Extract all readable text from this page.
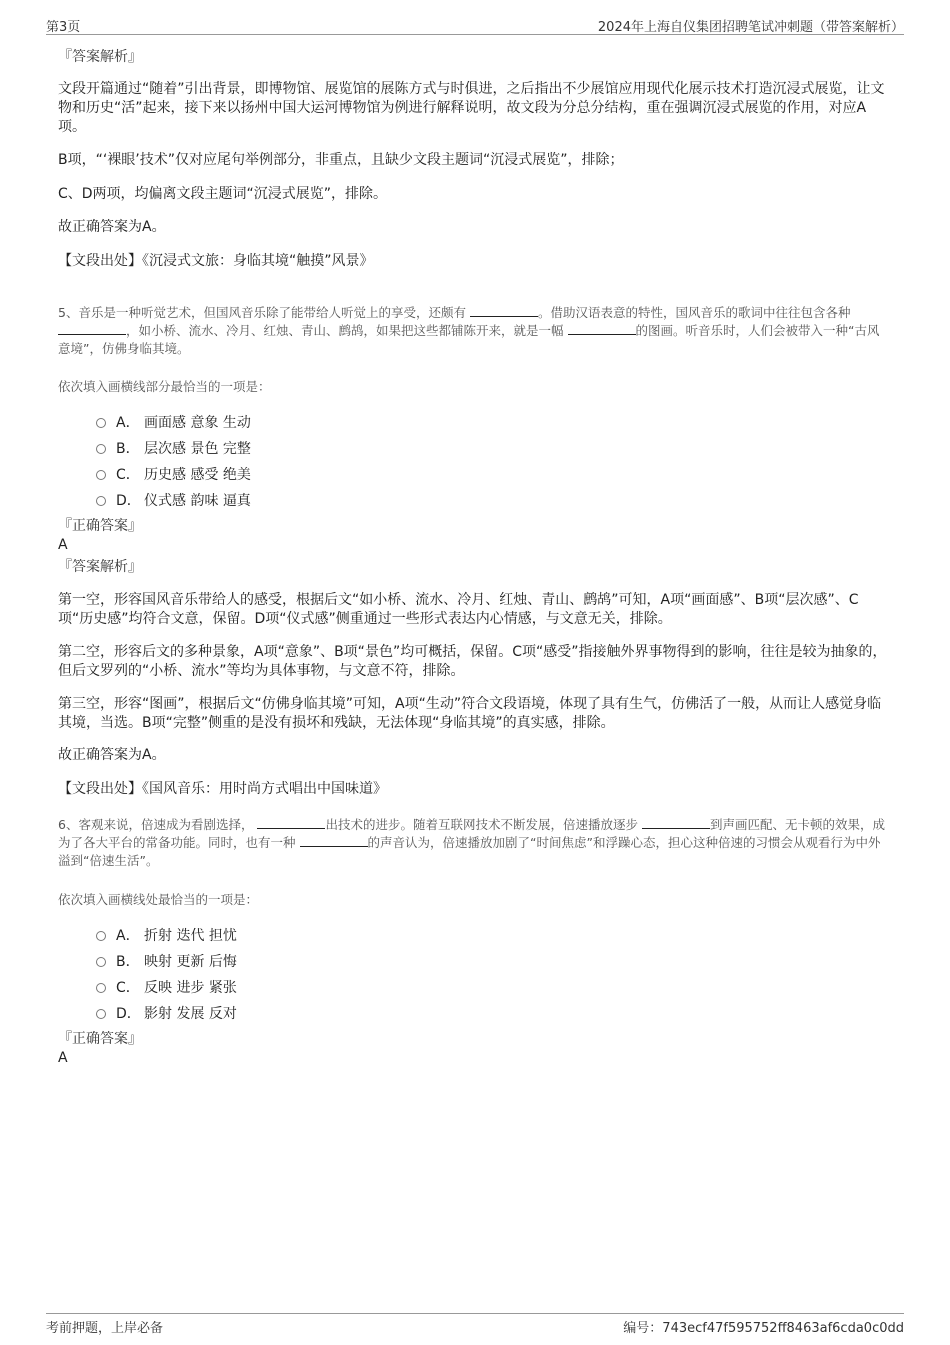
第3页	2024年上海自仪集团招聘笔试冲刺题（带答案解析）
『答案解析』
文段开篇通过“随着”引出背景，即博物馆、展览馆的展陈方式与时俱进，之后指出不少展馆应用现代化展示技术打造沉浸式展览，让文物和历史“活”起来，接下来以扬州中国大运河博物馆为例进行解释说明，故文段为分总分结构，重在强调沉浸式展览的作用，对应A项。
B项，“‘裸眼’技术”仅对应尾句举例部分，非重点，且缺少文段主题词“沉浸式展览”，排除；
C、D两项，均偏离文段主题词“沉浸式展览”，排除。
故正确答案为A。
【文段出处】《沉浸式文旅：身临其境“触摸”风景》
5、音乐是一种听觉艺术，但国风音乐除了能带给人听觉上的享受，还颇有	。借助汉语表意的特性，国风音乐的歌词中往往包含各种 ，如小桥、流水、冷月、红烛、青山、鹧鸪，如果把这些都铺陈开来，就是一幅	的图画。听音乐时，人们会被带入一种“古风意境”，仿佛身临其境。
依次填入画横线部分最恰当的一项是：
A． 画面感 意象 生动
B． 层次感 景色 完整
C． 历史感 感受 绝美
D． 仪式感 韵味 逼真
『正确答案』
A
『答案解析』
第一空，形容国风音乐带给人的感受，根据后文“如小桥、流水、冷月、红烛、青山、鹧鸪”可知，A项“画面感”、B项“层次感”、C项“历史感”均符合文意，保留。D项“仪式感”侧重通过一些形式表达内心情感，与文意无关，排除。
第二空，形容后文的多种景象，A项“意象”、B项“景色”均可概括，保留。C项“感受”指接触外界事物得到的影响，往往是较为抽象的，但后文罗列的“小桥、流水”等均为具体事物，与文意不符，排除。
第三空，形容“图画”，根据后文“仿佛身临其境”可知，A项“生动”符合文段语境，体现了具有生气，仿佛活了一般，从而让人感觉身临其境，当选。B项“完整”侧重的是没有损坏和残缺，无法体现“身临其境”的真实感，排除。
故正确答案为A。
【文段出处】《国风音乐：用时尚方式唱出中国味道》
6、客观来说，倍速成为看剧选择，	出技术的进步。随着互联网技术不断发展，倍速播放逐步	到声画匹配、无卡顿的效果，成为了各大平台的常备功能。同时，也有一种	的声音认为，倍速播放加剧了“时间焦虑”和浮躁心态，担心这种倍速的习惯会从观看行为中外溢到“倍速生活”。
依次填入画横线处最恰当的一项是：
A． 折射 迭代 担忧
B． 映射 更新 后悔
C． 反映 进步 紧张
D． 影射 发展 反对
『正确答案』
A
考前押题，上岸必备	编号：743ecf47f595752ff8463af6cda0c0dd
